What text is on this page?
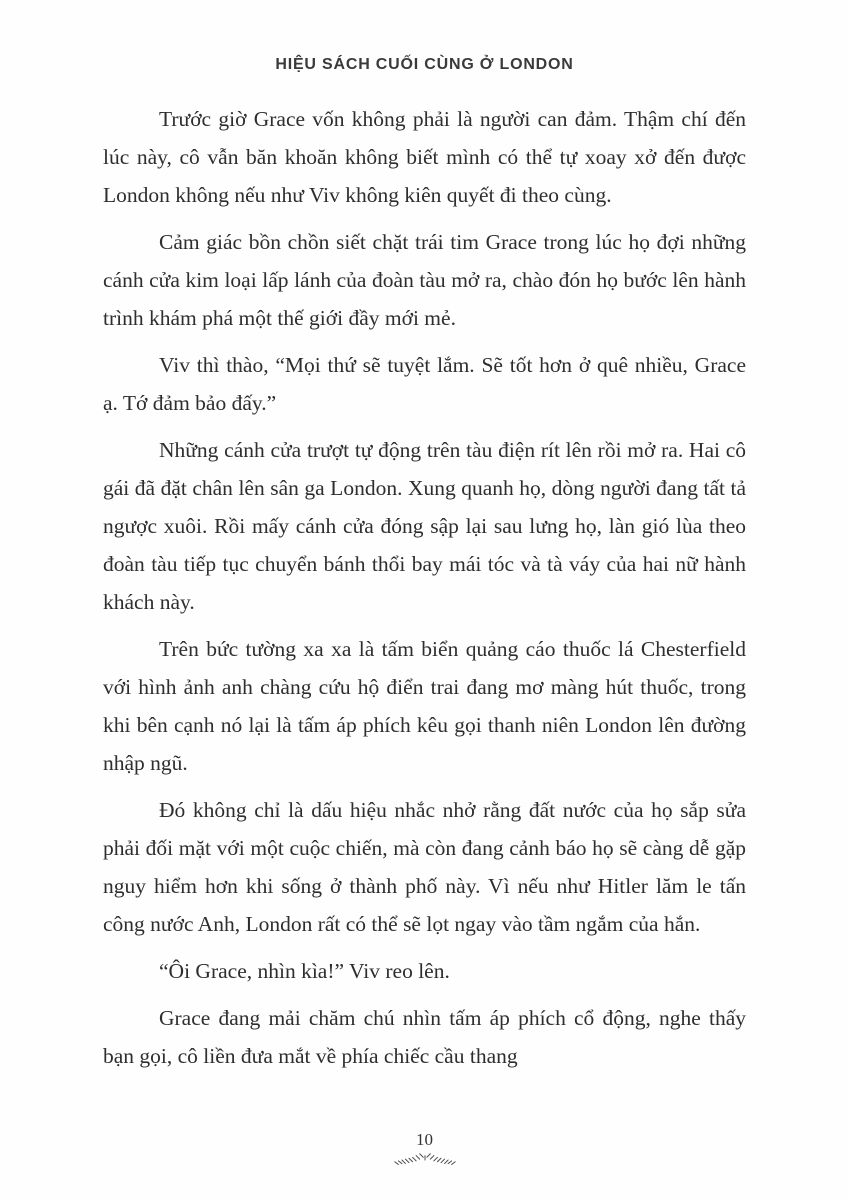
HIỆU SÁCH CUỐI CÙNG Ở LONDON

Trước giờ Grace vốn không phải là người can đảm. Thậm chí đến lúc này, cô vẫn băn khoăn không biết mình có thể tự xoay xở đến được London không nếu như Viv không kiên quyết đi theo cùng.

Cảm giác bồn chồn siết chặt trái tim Grace trong lúc họ đợi những cánh cửa kim loại lấp lánh của đoàn tàu mở ra, chào đón họ bước lên hành trình khám phá một thế giới đầy mới mẻ.

Viv thì thào, “Mọi thứ sẽ tuyệt lắm. Sẽ tốt hơn ở quê nhiều, Grace ạ. Tớ đảm bảo đấy.”

Những cánh cửa trượt tự động trên tàu điện rít lên rồi mở ra. Hai cô gái đã đặt chân lên sân ga London. Xung quanh họ, dòng người đang tất tả ngược xuôi. Rồi mấy cánh cửa đóng sập lại sau lưng họ, làn gió lùa theo đoàn tàu tiếp tục chuyển bánh thổi bay mái tóc và tà váy của hai nữ hành khách này.

Trên bức tường xa xa là tấm biển quảng cáo thuốc lá Chesterfield với hình ảnh anh chàng cứu hộ điển trai đang mơ màng hút thuốc, trong khi bên cạnh nó lại là tấm áp phích kêu gọi thanh niên London lên đường nhập ngũ.

Đó không chỉ là dấu hiệu nhắc nhở rằng đất nước của họ sắp sửa phải đối mặt với một cuộc chiến, mà còn đang cảnh báo họ sẽ càng dễ gặp nguy hiểm hơn khi sống ở thành phố này. Vì nếu như Hitler lăm le tấn công nước Anh, London rất có thể sẽ lọt ngay vào tầm ngắm của hắn.

“Ôi Grace, nhìn kìa!” Viv reo lên.

Grace đang mải chăm chú nhìn tấm áp phích cổ động, nghe thấy bạn gọi, cô liền đưa mắt về phía chiếc cầu thang

10
